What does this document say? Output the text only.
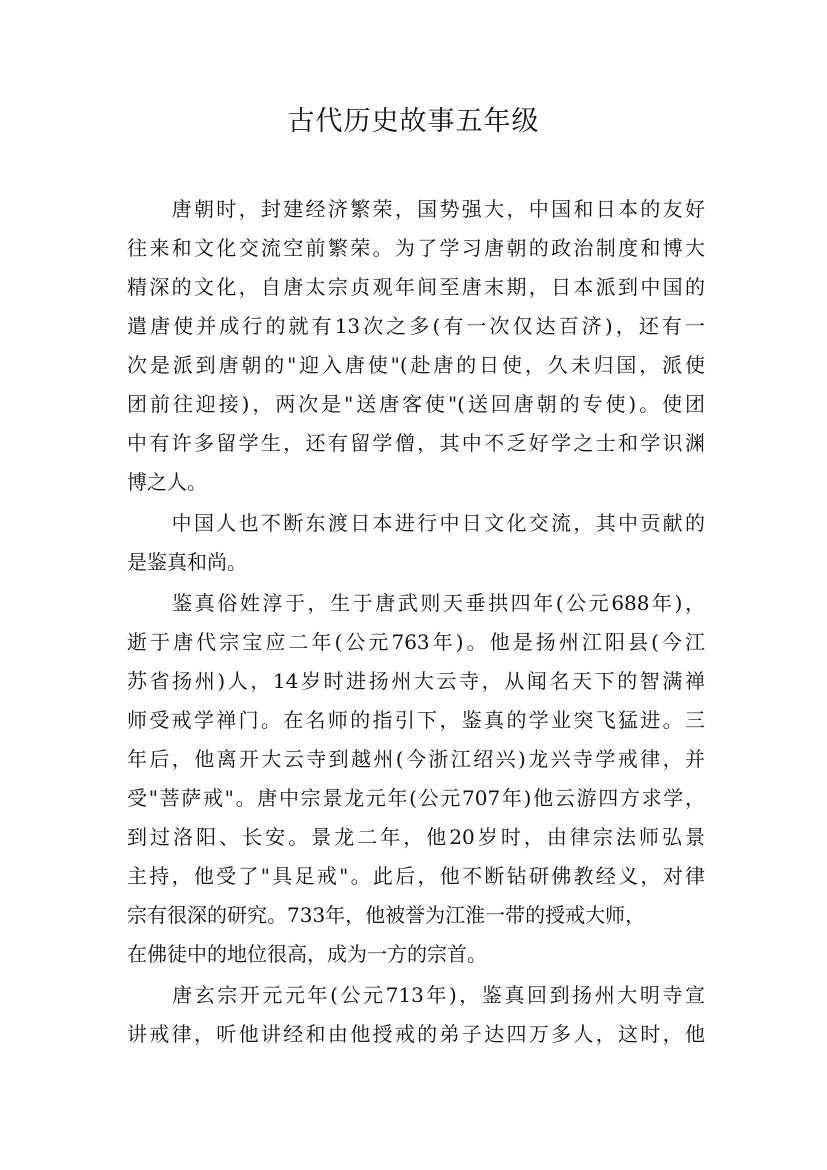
古代历史故事五年级
　　唐朝时，封建经济繁荣，国势强大，中国和日本的友好
往来和文化交流空前繁荣。为了学习唐朝的政治制度和博大
精深的文化，自唐太宗贞观年间至唐末期，日本派到中国的
遣唐使并成行的就有13次之多(有一次仅达百济)，还有一
次是派到唐朝的"迎入唐使"(赴唐的日使，久未归国，派使
团前往迎接)，两次是"送唐客使"(送回唐朝的专使)。使团
中有许多留学生，还有留学僧，其中不乏好学之士和学识渊
博之人。
　　中国人也不断东渡日本进行中日文化交流，其中贡献的
是鉴真和尚。
　　鉴真俗姓淳于，生于唐武则天垂拱四年(公元688年)，
逝于唐代宗宝应二年(公元763年)。他是扬州江阳县(今江
苏省扬州)人，14岁时进扬州大云寺，从闻名天下的智满禅
师受戒学禅门。在名师的指引下，鉴真的学业突飞猛进。三
年后，他离开大云寺到越州(今浙江绍兴)龙兴寺学戒律，并
受"菩萨戒"。唐中宗景龙元年(公元707年)他云游四方求学，
到过洛阳、长安。景龙二年，他20岁时，由律宗法师弘景
主持，他受了"具足戒"。此后，他不断钻研佛教经义，对律
宗有很深的研究。733年，他被誉为江淮一带的授戒大师，
在佛徒中的地位很高，成为一方的宗首。
　　唐玄宗开元元年(公元713年)，鉴真回到扬州大明寺宣
讲戒律，听他讲经和由他授戒的弟子达四万多人，这时，他
